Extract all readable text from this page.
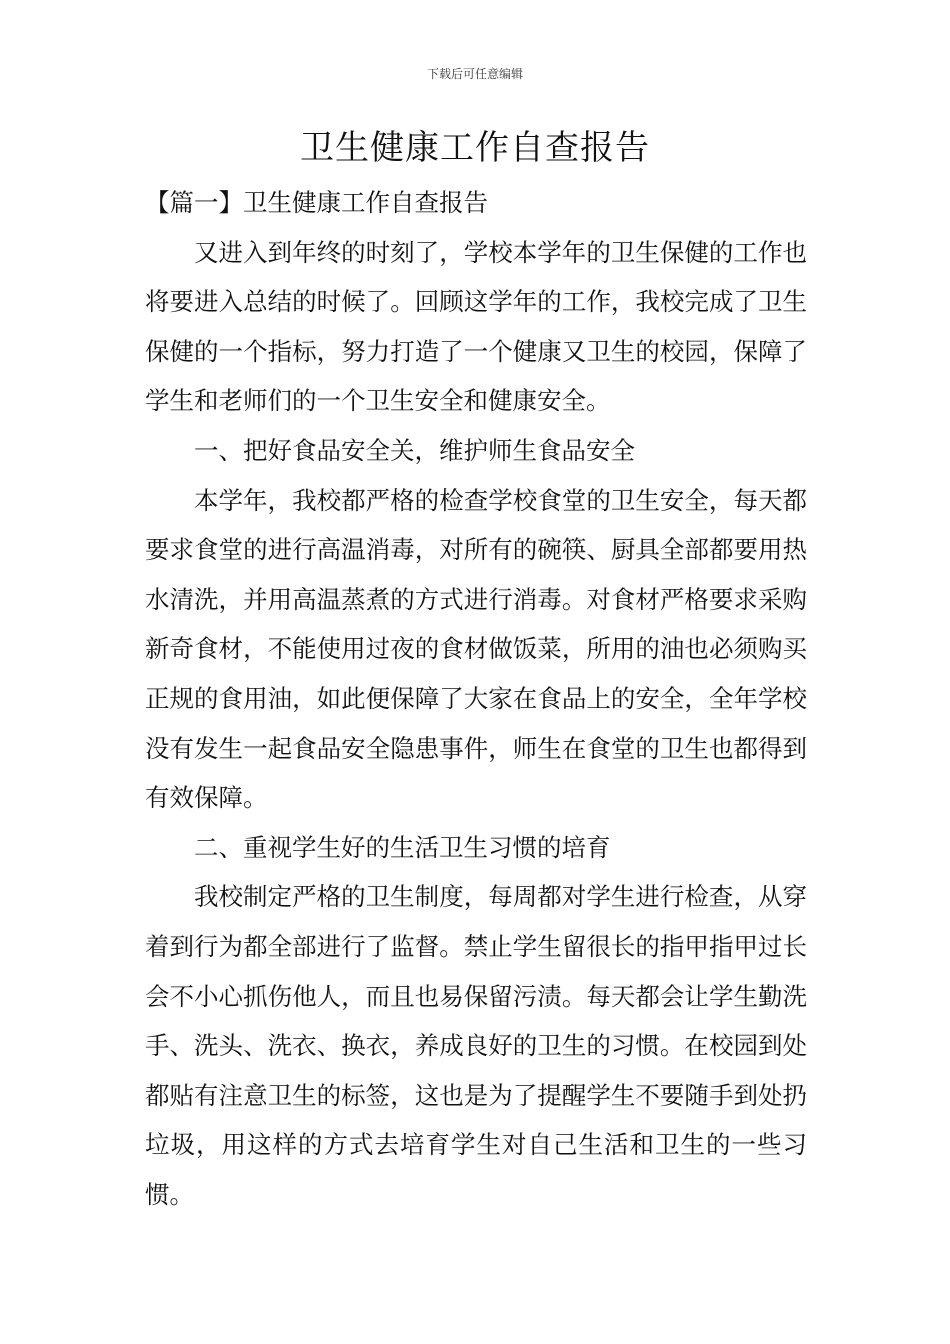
下载后可任意编辑
卫生健康工作自查报告

【篇一】卫生健康工作自查报告

又进入到年终的时刻了，学校本学年的卫生保健的工作也将要进入总结的时候了。回顾这学年的工作，我校完成了卫生保健的一个指标，努力打造了一个健康又卫生的校园，保障了学生和老师们的一个卫生安全和健康安全。

一、把好食品安全关，维护师生食品安全

本学年，我校都严格的检查学校食堂的卫生安全，每天都要求食堂的进行高温消毒，对所有的碗筷、厨具全部都要用热水清洗，并用高温蒸煮的方式进行消毒。对食材严格要求采购新奇食材，不能使用过夜的食材做饭菜，所用的油也必须购买正规的食用油，如此便保障了大家在食品上的安全，全年学校没有发生一起食品安全隐患事件，师生在食堂的卫生也都得到有效保障。

二、重视学生好的生活卫生习惯的培育

我校制定严格的卫生制度，每周都对学生进行检查，从穿着到行为都全部进行了监督。禁止学生留很长的指甲指甲过长会不小心抓伤他人，而且也易保留污渍。每天都会让学生勤洗手、洗头、洗衣、换衣，养成良好的卫生的习惯。在校园到处都贴有注意卫生的标签，这也是为了提醒学生不要随手到处扔垃圾，用这样的方式去培育学生对自己生活和卫生的一些习惯。
